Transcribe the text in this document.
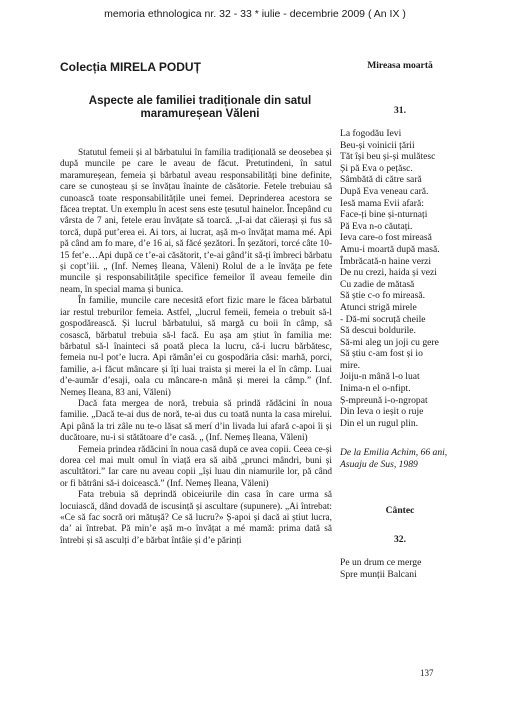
memoria ethnologica nr. 32 - 33 * iulie - decembrie 2009 ( An IX )
Colecția MIRELA PODUȚ
Aspecte ale familiei tradiționale din satul maramureșean Văleni

Statutul femeii și al bărbatului în familia tradițională se deosebea și după muncile pe care le aveau de făcut. Pretutindeni, în satul maramureșean, femeia și bărbatul aveau responsabilități bine definite, care se cunoșteau și se învățau înainte de căsătorie. Fetele trebuiau să cunoască toate responsabilitățile unei femei. Deprinderea acestora se făcea treptat. Un exemplu în acest sens este țesutul hainelor. Începând cu vârsta de 7 ani, fetele erau învățate să toarcă. „I-ai dat căierași și fus să torcă, după put’erea ei. Ai tors, ai lucrat, așă m-o învățat mama mé. Api pă când am fo mare, d’e 16 ai, să făcé șezători. În șezători, torcé câte 10-15 fet’e…Api după ce t’e-ai căsătorit, t’e-ai gând’it să-ți îmbreci bărbatu și copt’iii. „ (Inf. Nemeș Ileana, Văleni) Rolul de a le învăța pe fete muncile și responsabilitățile specifice femeilor îl aveau femeile din neam, în special mama și bunica.

În familie, muncile care necesită efort fizic mare le făcea bărbatul iar restul treburilor femeia. Astfel, „lucrul femeii, femeia o trebuit să-l gospodărească. Și lucrul bărbatului, să margă cu boii în câmp, să cosască, bărbatul trebuia să-l facă. Eu așa am știut în familia me: bărbatul să-l înainteci să poată pleca la lucru, că-i lucru bărbătesc, femeia nu-l pot’e lucra. Api rămân’ei cu gospodăria căsi: marhă, porci, familie, a-i făcut mâncare și îți luai traista și merei la el în câmp. Luai d’e-aumăr d’esaji, oala cu mâncare-n mână și merei la câmp.” (Inf. Nemeș Ileana, 83 ani, Văleni)

Dacă fata mergea de noră, trebuia să prindă rădăcini în noua familie. „Dacă te-ai dus de noră, te-ai dus cu toată nunta la casa mirelui. Api până la tri zâle nu te-o lăsat să merí d’in livada lui afară c-apoi îi și ducătoare, nu-i si stătătoare d’e casă. „ (Inf. Nemeș Ileana, Văleni)

Femeia prindea rădăcini în noua casă după ce avea copii. Ceea ce-și dorea cel mai mult omul în viață era să aibă „prunci mândri, buni și ascultători.” Iar care nu aveau copii „își luau din niamurile lor, pă când or fi bătrâni să-i doicească.” (Inf. Nemeș Ileana, Văleni)

Fata trebuia să deprindă obiceiurile din casa în care urma să locuiască, dând dovadă de iscusință și ascultare (supunere). „Ai întrebat: «Ce să fac socră ori mătușă? Ce să lucru?» Ș-apoi și dacă ai știut lucra, da’ ai întrebat. Pă min’e așă m-o învățat a mé mamă: prima dată să întrebi și să asculți d’e bărbat întâie și d’e părinți

Mireasa moartă
31.
La fogodău Ievi
Beu-și voinicii țării
Tăt își beu și-și mulătesc
Și pă Eva o pețăsc.
Sâmbătă di către sară
După Eva veneau cară.
Iesă mama Evii afară:
Face-ți bine și-nturnați
Pă Eva n-o căutați.
Ieva care-o fost mireasă
Amu-i moartă după masă.
Îmbrăcată-n haine verzi
De nu crezi, haida și vezi
Cu zadie de mătasă
Să știe c-o fo mireasă.
Atunci strigă mirele
- Dă-mi socruță cheile
Să descui boldurile.
Să-mi aleg un joji cu gere
Să știu c-am fost și io
mire.
Joiju-n mână l-o luat
Inima-n el o-nfipt.
Ș-mpreună i-o-ngropat
Din Ieva o ieșit o ruje
Din el un rugul plin.
De la Emilia Achim, 66 ani, Asuaju de Sus, 1989
Cântec
32.
Pe un drum ce merge
Spre munții Balcani
137
